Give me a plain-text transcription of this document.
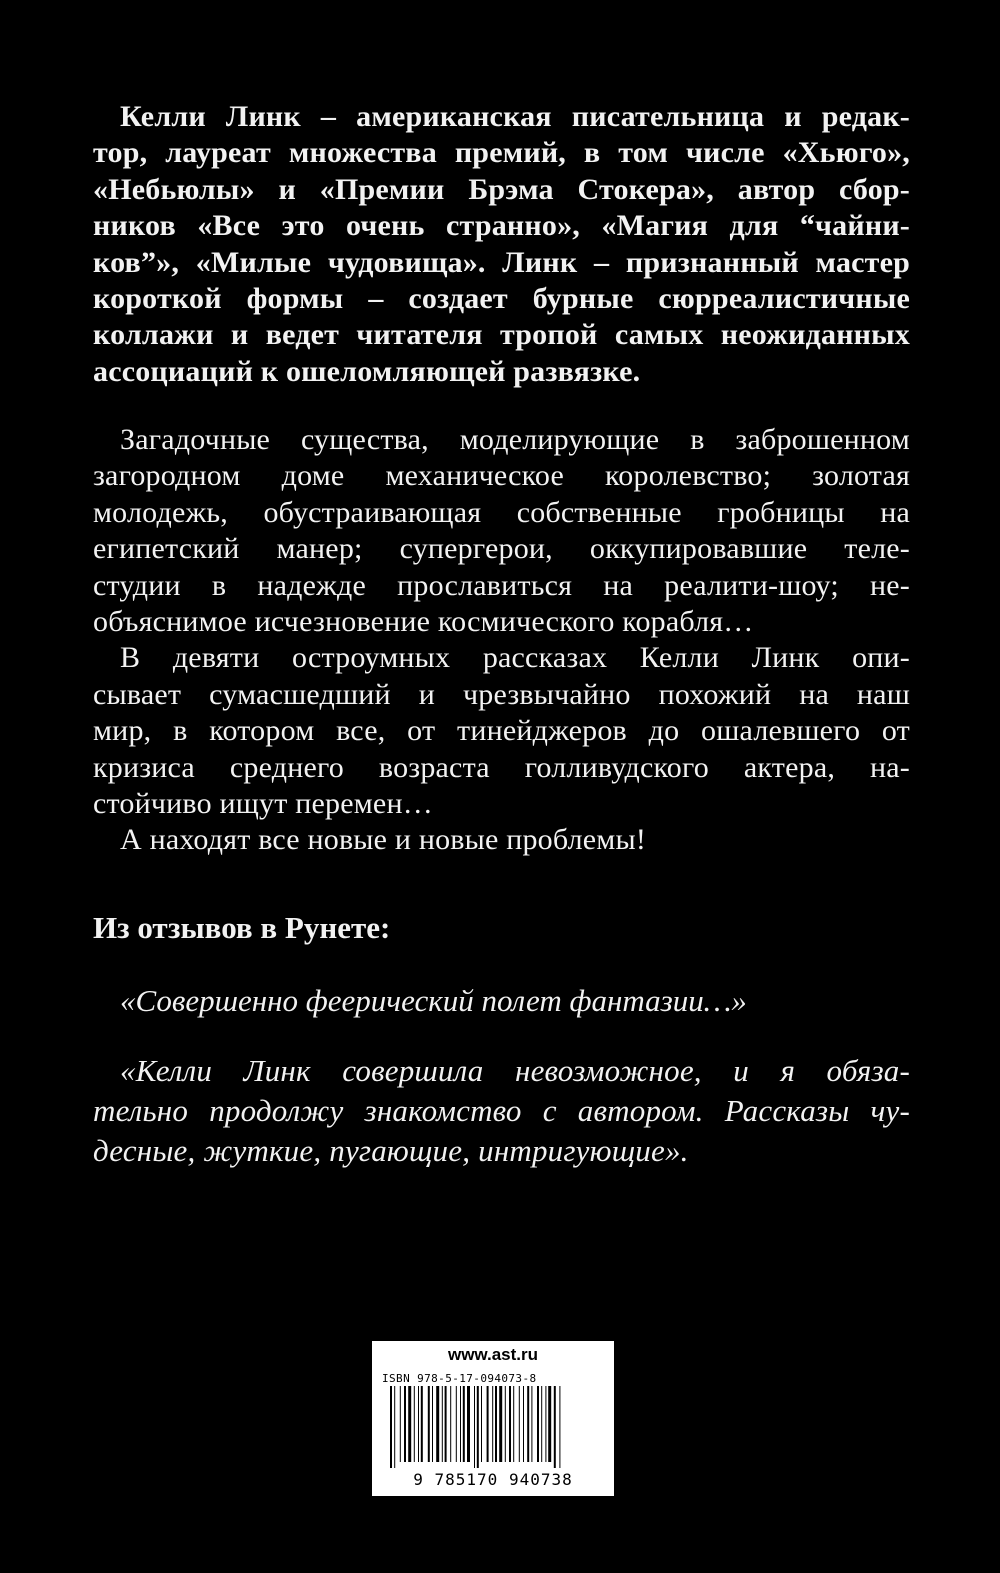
Келли Линк – американская писательница и редак-
тор, лауреат множества премий, в том числе «Хьюго»,
«Небьюлы» и «Премии Брэма Стокера», автор сбор-
ников «Все это очень странно», «Магия для “чайни-
ков”», «Милые чудовища». Линк – признанный мастер
короткой формы – создает бурные сюрреалистичные
коллажи и ведет читателя тропой самых неожиданных
ассоциаций к ошеломляющей развязке.
Загадочные существа, моделирующие в заброшенном
загородном доме механическое королевство; золотая
молодежь, обустраивающая собственные гробницы на
египетский манер; супергерои, оккупировавшие теле-
студии в надежде прославиться на реалити-шоу; не-
объяснимое исчезновение космического корабля…
В девяти остроумных рассказах Келли Линк опи-
сывает сумасшедший и чрезвычайно похожий на наш
мир, в котором все, от тинейджеров до ошалевшего от
кризиса среднего возраста голливудского актера, на-
стойчиво ищут перемен…
А находят все новые и новые проблемы!
Из отзывов в Рунете:
«Совершенно феерический полет фантазии…»
«Келли Линк совершила невозможное, и я обяза-
тельно продолжу знакомство с автором. Рассказы чу-
десные, жуткие, пугающие, интригующие».
www.ast.ru
ISBN 978-5-17-094073-8
9 785170 940738
